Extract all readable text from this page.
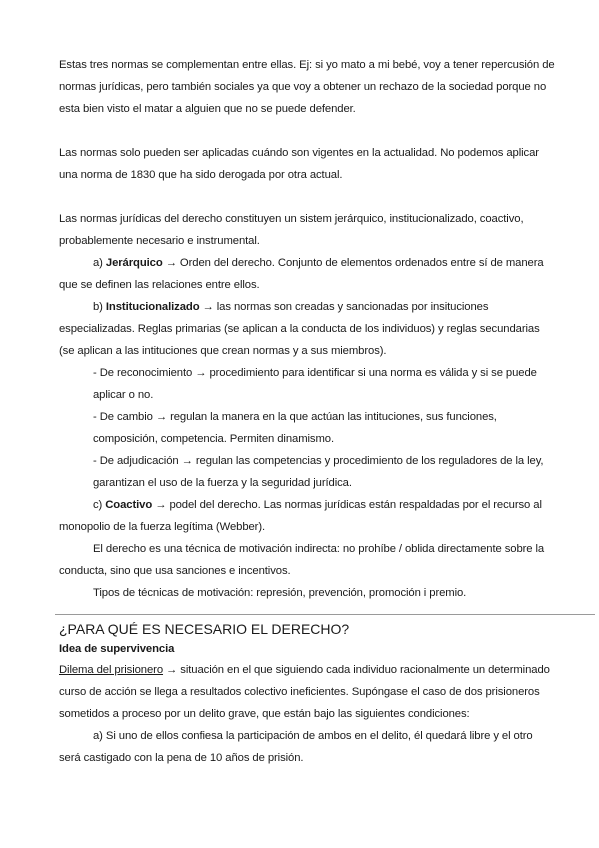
Estas tres normas se complementan entre ellas. Ej: si yo mato a mi bebé, voy a tener repercusión de normas jurídicas, pero también sociales ya que voy a obtener un rechazo de la sociedad porque no esta bien visto el matar a alguien que no se puede defender.

Las normas solo pueden ser aplicadas cuándo son vigentes en la actualidad. No podemos aplicar una norma de 1830 que ha sido derogada por otra actual.

Las normas jurídicas del derecho constituyen un sistem jerárquico, institucionalizado, coactivo, probablemente necesario e instrumental.

a) Jerárquico → Orden del derecho. Conjunto de elementos ordenados entre sí de manera que se definen las relaciones entre ellos.

b) Institucionalizado → las normas son creadas y sancionadas por insituciones especializadas. Reglas primarias (se aplican a la conducta de los individuos) y reglas secundarias (se aplican a las intituciones que crean normas y a sus miembros).

- De reconocimiento → procedimiento para identificar si una norma es válida y si se puede aplicar o no.

- De cambio → regulan la manera en la que actúan las intituciones, sus funciones, composición, competencia. Permiten dinamismo.

- De adjudicación → regulan las competencias y procedimiento de los reguladores de la ley, garantizan el uso de la fuerza y la seguridad jurídica.

c) Coactivo → podel del derecho. Las normas jurídicas están respaldadas por el recurso al monopolio de la fuerza legítima (Webber).

El derecho es una técnica de motivación indirecta: no prohíbe / oblida directamente sobre la conducta, sino que usa sanciones e incentivos.

Tipos de técnicas de motivación: represión, prevención, promoción i premio.

¿PARA QUÉ ES NECESARIO EL DERECHO?

Idea de supervivencia

Dilema del prisionero → situación en el que siguiendo cada individuo racionalmente un determinado curso de acción se llega a resultados colectivo ineficientes. Supóngase el caso de dos prisioneros sometidos a proceso por un delito grave, que están bajo las siguientes condiciones:

a) Si uno de ellos confiesa la participación de ambos en el delito, él quedará libre y el otro será castigado con la pena de 10 años de prisión.
